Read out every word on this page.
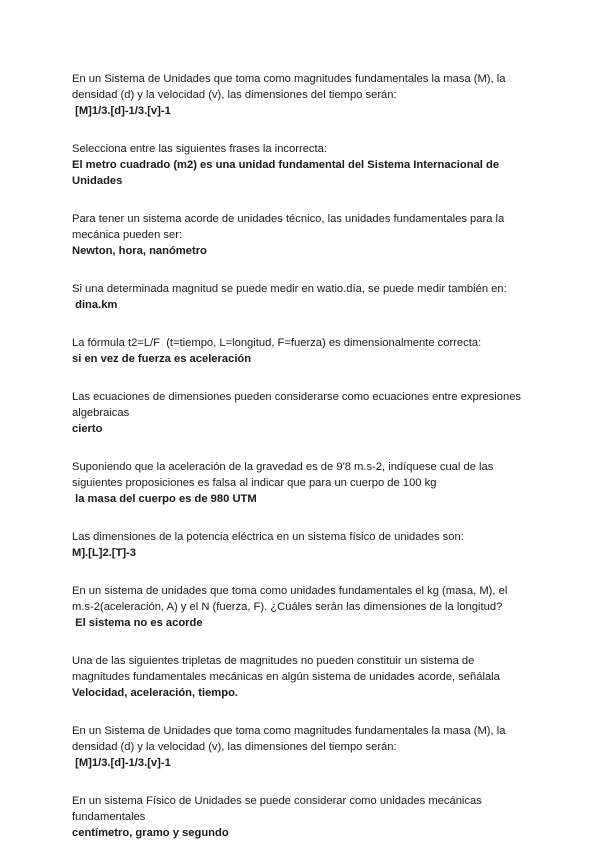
En un Sistema de Unidades que toma como magnitudes fundamentales la masa (M), la densidad (d) y la velocidad (v), las dimensiones del tiempo serán:

[M]1/3.[d]-1/3.[v]-1

Selecciona entre las siguientes frases la incorrecta:

El metro cuadrado (m2) es una unidad fundamental del Sistema Internacional de Unidades

Para tener un sistema acorde de unidades técnico, las unidades fundamentales para la mecánica pueden ser:

Newton, hora, nanómetro

Si una determinada magnitud se puede medir en watio.día, se puede medir también en:

dina.km

La fórmula t2=L/F  (t=tiempo, L=longitud, F=fuerza) es dimensionalmente correcta:

si en vez de fuerza es aceleración

Las ecuaciones de dimensiones pueden considerarse como ecuaciones entre expresiones algebraicas

cierto

Suponiendo que la aceleración de la gravedad es de 9'8 m.s-2, indíquese cual de las siguientes proposiciones es falsa al indicar que para un cuerpo de 100 kg

la masa del cuerpo es de 980 UTM

Las dimensiones de la potencia eléctrica en un sistema físico de unidades son:

M].[L]2.[T]-3

En un sistema de unidades que toma como unidades fundamentales el kg (masa, M), el m.s-2(aceleración, A) y el N (fuerza, F). ¿Cuáles serán las dimensiones de la longitud?

El sistema no es acorde

Una de las siguientes tripletas de magnitudes no pueden constituir un sistema de magnitudes fundamentales mecánicas en algún sistema de unidades acorde, señálala

Velocidad, aceleración, tiempo.

En un Sistema de Unidades que toma como magnitudes fundamentales la masa (M), la densidad (d) y la velocidad (v), las dimensiones del tiempo serán:

[M]1/3.[d]-1/3.[v]-1

En un sistema Físico de Unidades se puede considerar como unidades mecánicas fundamentales

centímetro, gramo y segundo
